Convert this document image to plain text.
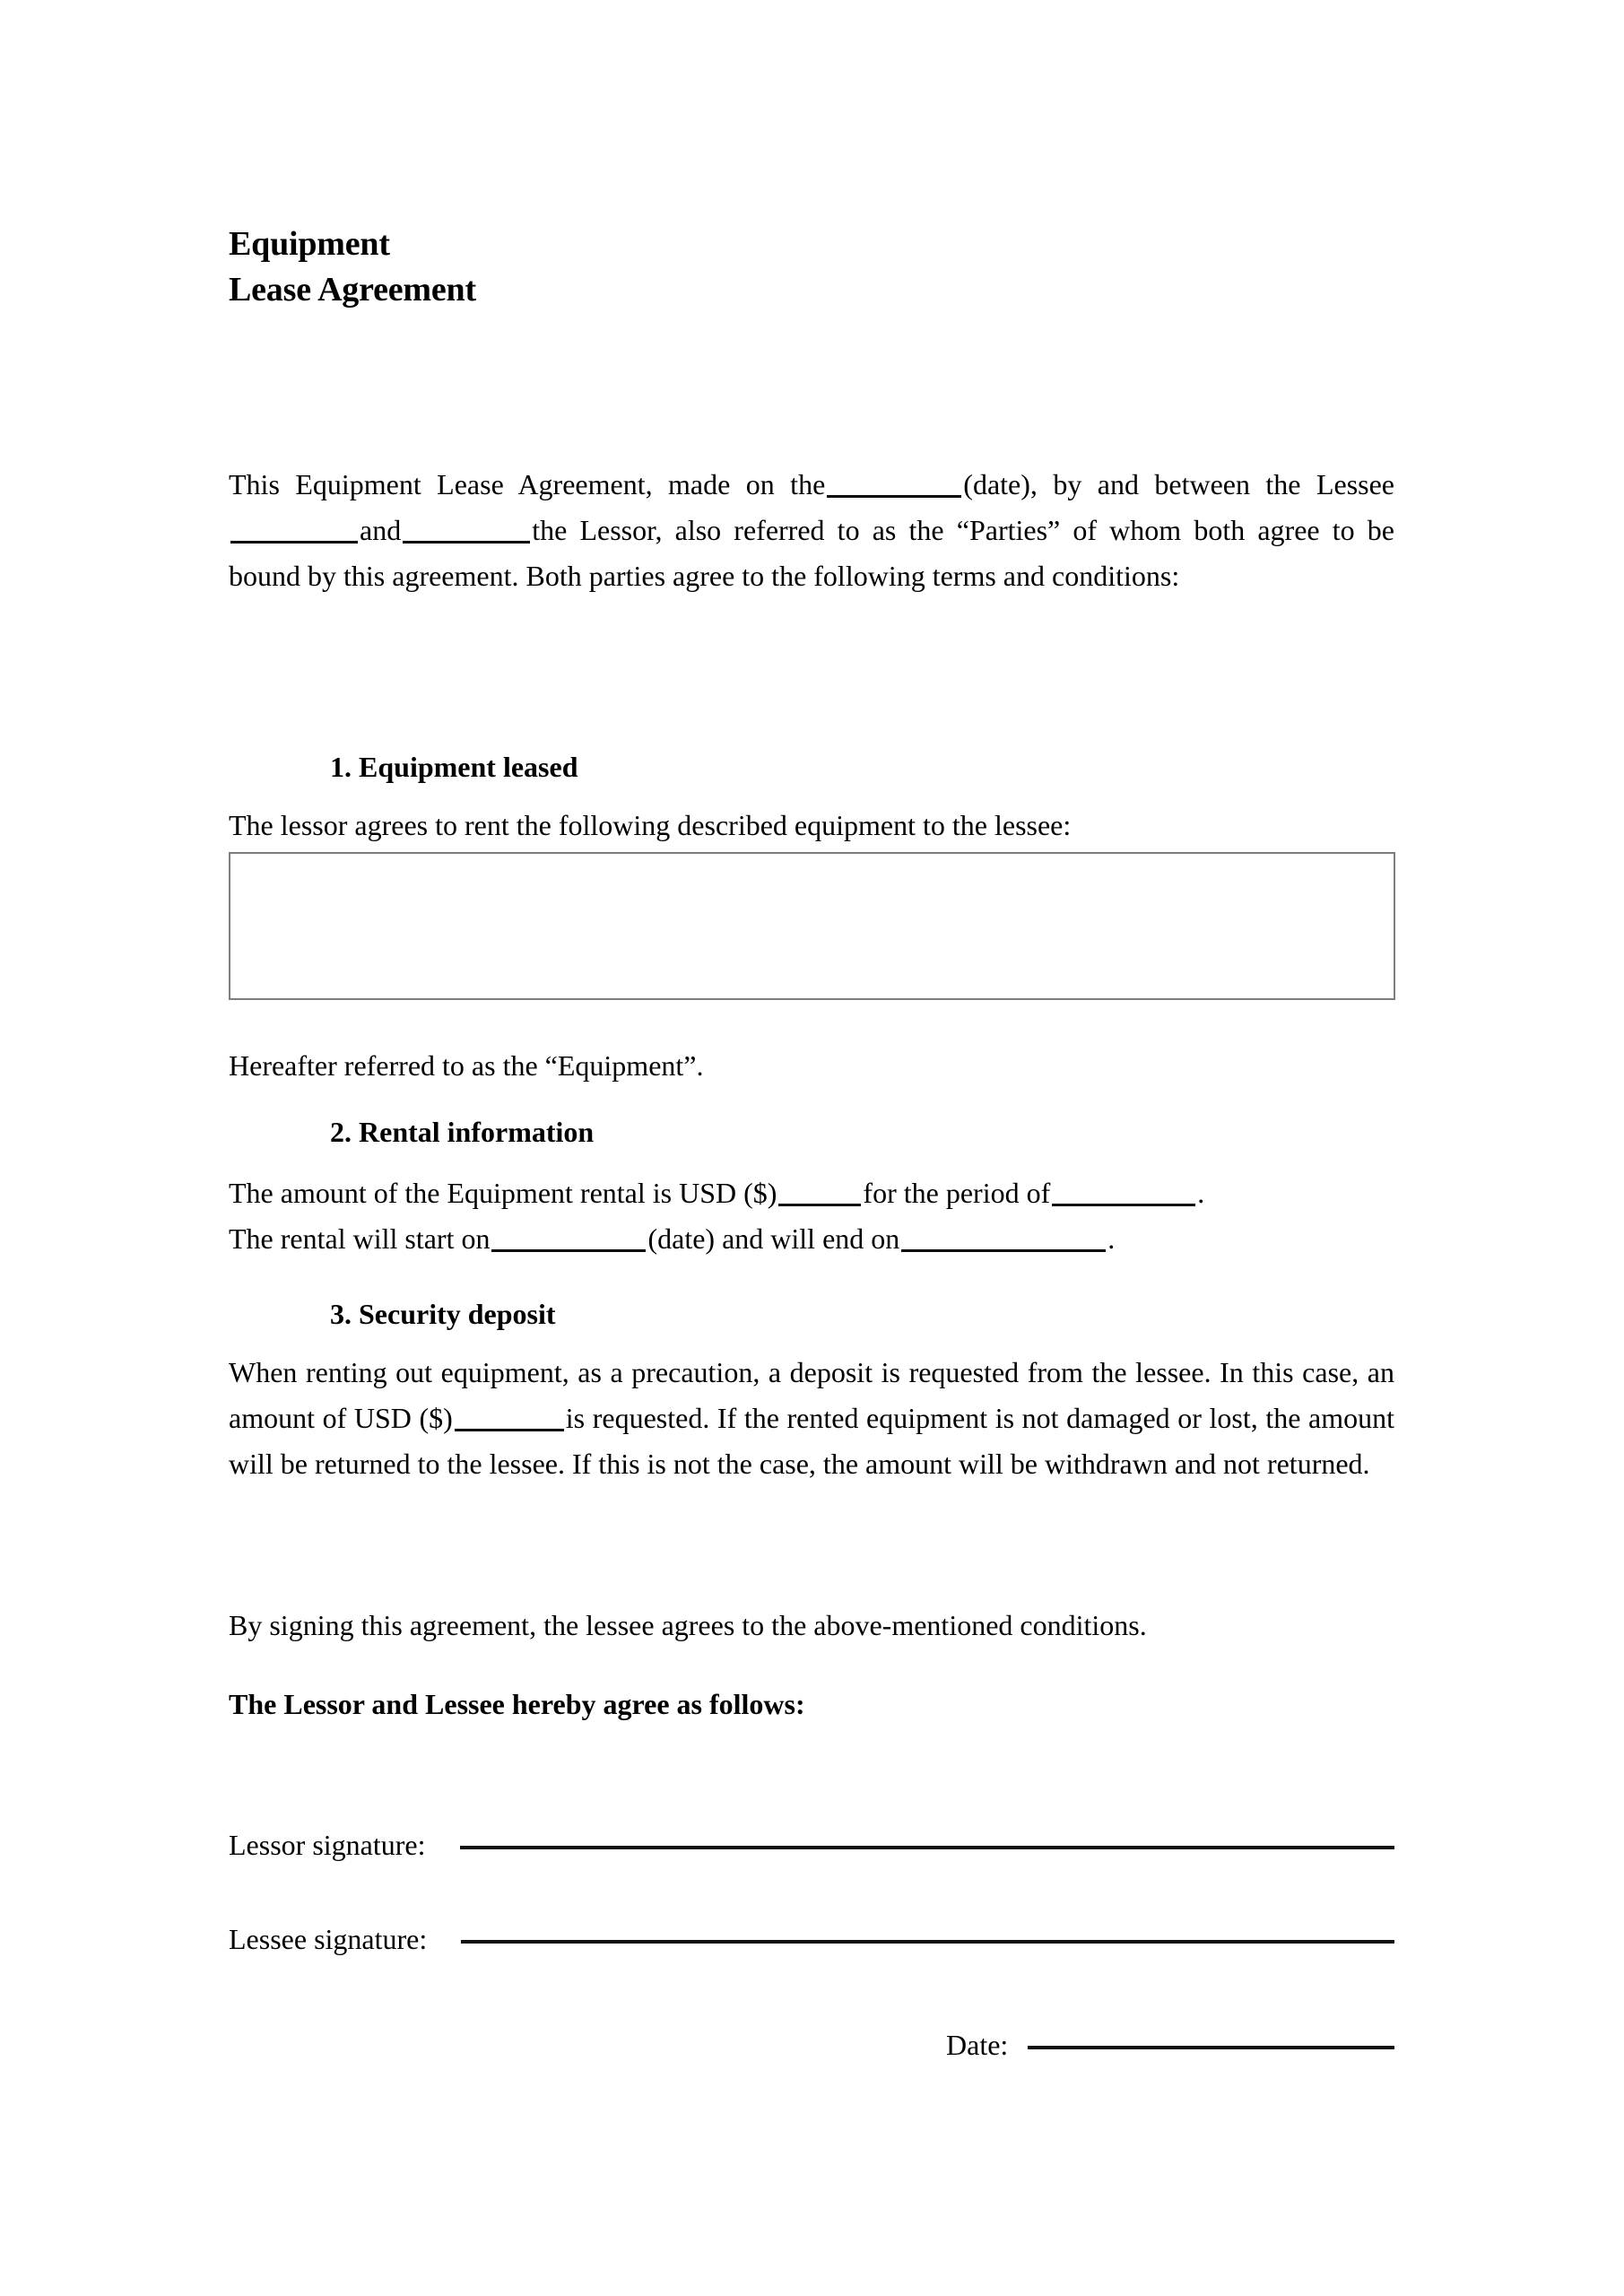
Equipment
Lease Agreement
This Equipment Lease Agreement, made on the	(date), by and between the Lesseeand	the Lessor, also referred to as the “Parties” of whom both agree to be bound by this agreement. Both parties agree to the following terms and conditions:
1. Equipment leased
The lessor agrees to rent the following described equipment to the lessee:
Hereafter referred to as the “Equipment”.
2. Rental information
The amount of the Equipment rental is USD ($)	for the period of	.
The rental will start on	(date) and will end on	.
3. Security deposit
When renting out equipment, as a precaution, a deposit is requested from the lessee. In this case, an amount of USD ($)	is requested. If the rented equipment is not damaged or lost, the amount will be returned to the lessee. If this is not the case, the amount will be withdrawn and not returned.
By signing this agreement, the lessee agrees to the above-mentioned conditions.
The Lessor and Lessee hereby agree as follows:
Lessor signature:
Lessee signature:
Date:
